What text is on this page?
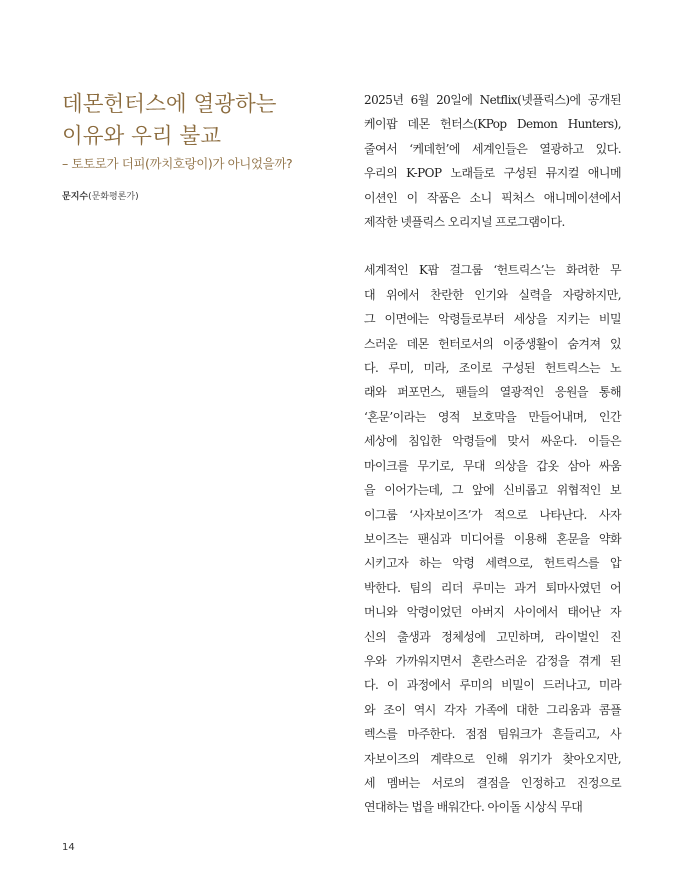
데몬헌터스에 열광하는
이유와 우리 불교
– 토토로가 더피(까치호랑이)가 아니었을까?
문지수(문화평론가)

2025년 6월 20일에 Netflix(넷플릭스)에 공개된
케이팝 데몬 헌터스(KPop Demon Hunters),
줄여서 ‘케데헌’에 세계인들은 열광하고 있다.
우리의 K-POP 노래들로 구성된 뮤지컬 애니메
이션인 이 작품은 소니 픽처스 애니메이션에서
제작한 넷플릭스 오리지널 프로그램이다.

세계적인 K팝 걸그룹 ‘헌트릭스’는 화려한 무
대 위에서 찬란한 인기와 실력을 자랑하지만,
그 이면에는 악령들로부터 세상을 지키는 비밀
스러운 데몬 헌터로서의 이중생활이 숨겨져 있
다. 루미, 미라, 조이로 구성된 헌트릭스는 노
래와 퍼포먼스, 팬들의 열광적인 응원을 통해
‘혼문’이라는 영적 보호막을 만들어내며, 인간
세상에 침입한 악령들에 맞서 싸운다. 이들은
마이크를 무기로, 무대 의상을 갑옷 삼아 싸움
을 이어가는데, 그 앞에 신비롭고 위협적인 보
이그룹 ‘사자보이즈’가 적으로 나타난다. 사자
보이즈는 팬심과 미디어를 이용해 혼문을 약화
시키고자 하는 악령 세력으로, 헌트릭스를 압
박한다. 팀의 리더 루미는 과거 퇴마사였던 어
머니와 악령이었던 아버지 사이에서 태어난 자
신의 출생과 정체성에 고민하며, 라이벌인 진
우와 가까워지면서 혼란스러운 감정을 겪게 된
다. 이 과정에서 루미의 비밀이 드러나고, 미라
와 조이 역시 각자 가족에 대한 그리움과 콤플
렉스를 마주한다. 점점 팀워크가 흔들리고, 사
자보이즈의 계략으로 인해 위기가 찾아오지만,
세 멤버는 서로의 결점을 인정하고 진정으로
연대하는 법을 배워간다. 아이돌 시상식 무대

14
